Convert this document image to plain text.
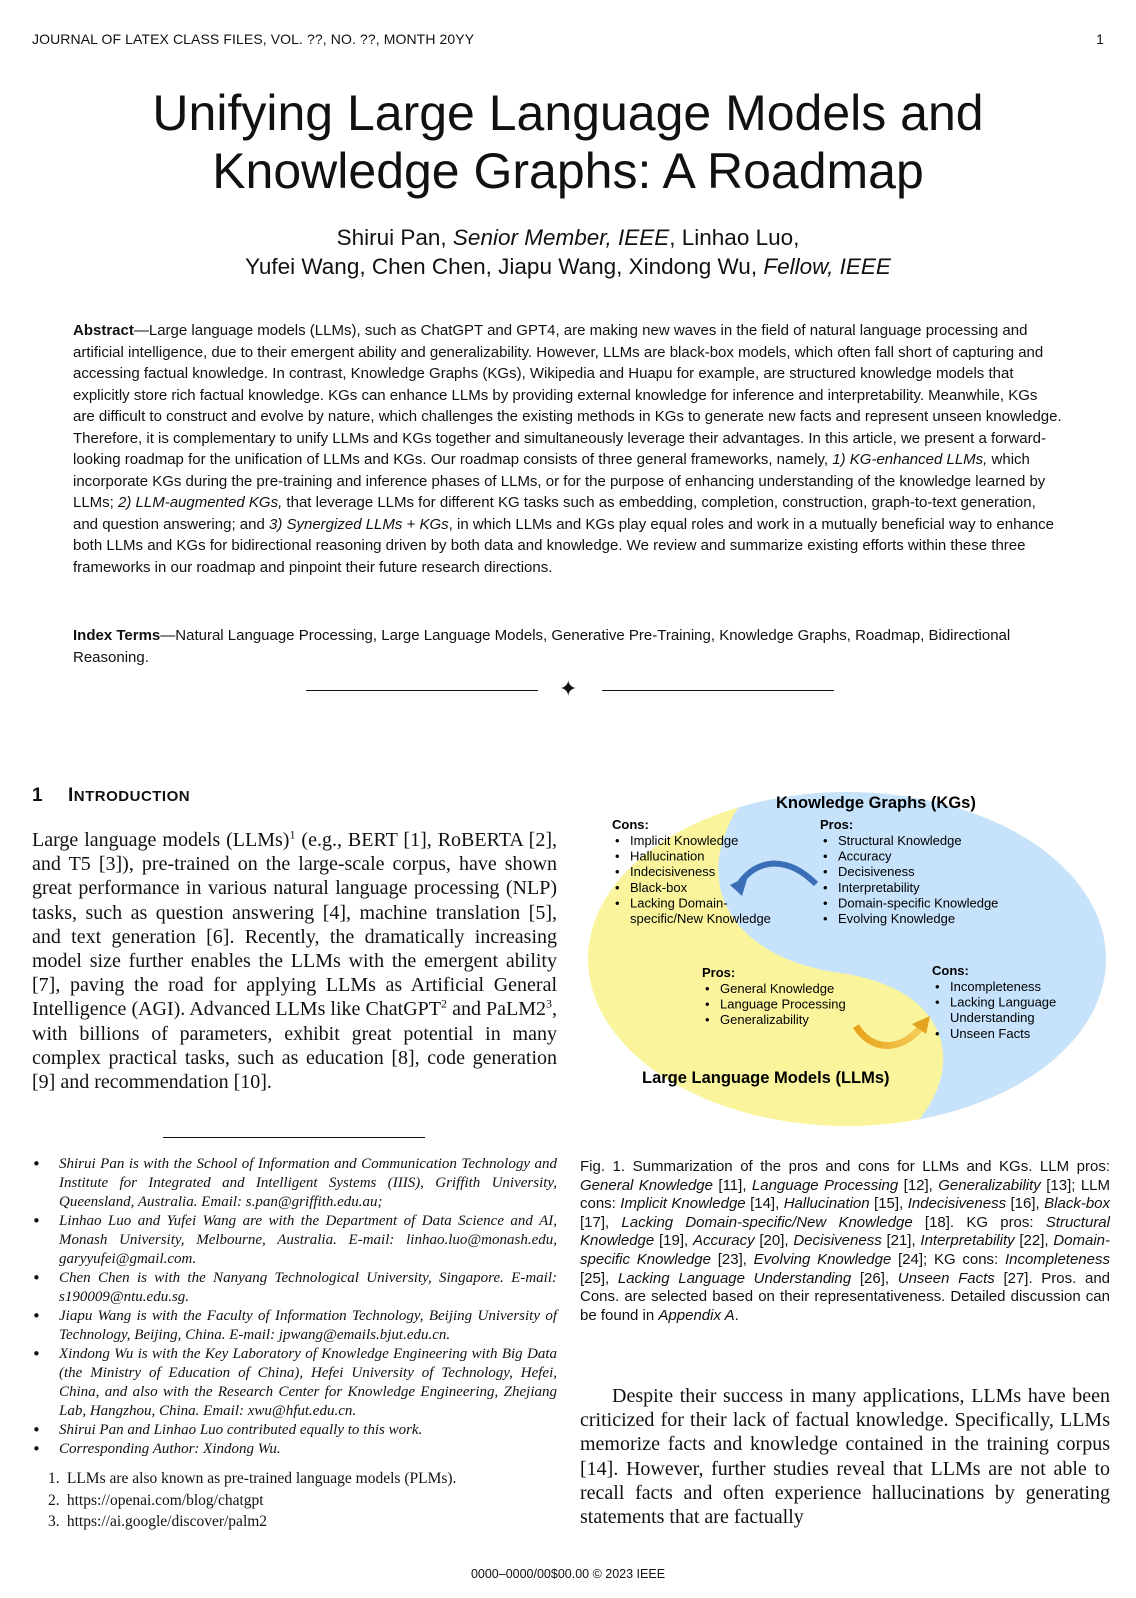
JOURNAL OF LATEX CLASS FILES, VOL. ??, NO. ??, MONTH 20YY	1
Unifying Large Language Models and
Knowledge Graphs: A Roadmap
Shirui Pan, Senior Member, IEEE, Linhao Luo,
Yufei Wang, Chen Chen, Jiapu Wang, Xindong Wu, Fellow, IEEE
Abstract—Large language models (LLMs), such as ChatGPT and GPT4, are making new waves in the field of natural language processing and artificial intelligence, due to their emergent ability and generalizability. However, LLMs are black-box models, which often fall short of capturing and accessing factual knowledge. In contrast, Knowledge Graphs (KGs), Wikipedia and Huapu for example, are structured knowledge models that explicitly store rich factual knowledge. KGs can enhance LLMs by providing external knowledge for inference and interpretability. Meanwhile, KGs are difficult to construct and evolve by nature, which challenges the existing methods in KGs to generate new facts and represent unseen knowledge. Therefore, it is complementary to unify LLMs and KGs together and simultaneously leverage their advantages. In this article, we present a forward-looking roadmap for the unification of LLMs and KGs. Our roadmap consists of three general frameworks, namely, 1) KG-enhanced LLMs, which incorporate KGs during the pre-training and inference phases of LLMs, or for the purpose of enhancing understanding of the knowledge learned by LLMs; 2) LLM-augmented KGs, that leverage LLMs for different KG tasks such as embedding, completion, construction, graph-to-text generation, and question answering; and 3) Synergized LLMs + KGs, in which LLMs and KGs play equal roles and work in a mutually beneficial way to enhance both LLMs and KGs for bidirectional reasoning driven by both data and knowledge. We review and summarize existing efforts within these three frameworks in our roadmap and pinpoint their future research directions.
Index Terms—Natural Language Processing, Large Language Models, Generative Pre-Training, Knowledge Graphs, Roadmap, Bidirectional Reasoning.
✦
1 INTRODUCTION

Large language models (LLMs)$^1$ (e.g., BERT [1], RoBERTA [2], and T5 [3]), pre-trained on the large-scale corpus, have shown great performance in various natural language processing (NLP) tasks, such as question answering [4], machine translation [5], and text generation [6]. Recently, the dramatically increasing model size further enables the LLMs with the emergent ability [7], paving the road for applying LLMs as Artificial General Intelligence (AGI). Advanced LLMs like ChatGPT$^2$ and $PaLM2^3$, with billions of parameters, exhibit great potential in many complex practical tasks, such as education [8], code generation [9] and recommendation [10].

• Shirui Pan is with the School of Information and Communication Technology and Institute for Integrated and Intelligent Systems (IIIS), Griffith University, Queensland, Australia. Email: s.pan@griffith.edu.au;
• Linhao Luo and Yufei Wang are with the Department of Data Science and AI, Monash University, Melbourne, Australia. E-mail: linhao.luo@monash.edu, garyyufei@gmail.com.
• Chen Chen is with the Nanyang Technological University, Singapore. E-mail: s190009@ntu.edu.sg.
• Jiapu Wang is with the Faculty of Information Technology, Beijing University of Technology, Beijing, China. E-mail: jpwang@emails.bjut.edu.cn.
• Xindong Wu is with the Key Laboratory of Knowledge Engineering with Big Data (the Ministry of Education of China), Hefei University of Technology, Hefei, China, and also with the Research Center for Knowledge Engineering, Zhejiang Lab, Hangzhou, China. Email: xwu@hfut.edu.cn.
• Shirui Pan and Linhao Luo contributed equally to this work.
• Corresponding Author: Xindong Wu.
1. LLMs are also known as pre-trained language models (PLMs).
2. https://openai.com/blog/chatgpt
3. https://ai.google/discover/palm2
Knowledge Graphs (KGs)
Large Language Models (LLMs)
Cons:
• Implicit Knowledge
• Hallucination
• Indecisiveness
• Black-box
• Lacking Domain-
specific/New Knowledge
Pros:
• Structural Knowledge
• Accuracy
• Decisiveness
• Interpretability
• Domain-specific Knowledge
• Evolving Knowledge
Pros:
• General Knowledge
• Language Processing
• Generalizability
Cons:
• Incompleteness
• Lacking Language
Understanding
• Unseen Facts

Fig. 1. Summarization of the pros and cons for LLMs and KGs. LLM pros: General Knowledge [11], Language Processing [12], Generalizability [13]; LLM cons: Implicit Knowledge [14], Hallucination [15], Indecisiveness [16], Black-box [17], Lacking Domain-specific/New Knowledge [18]. KG pros: Structural Knowledge [19], Accuracy [20], Decisiveness [21], Interpretability [22], Domain-specific Knowledge [23], Evolving Knowledge [24]; KG cons: Incompleteness [25], Lacking Language Understanding [26], Unseen Facts [27]. Pros. and Cons. are selected based on their representativeness. Detailed discussion can be found in Appendix A.

Despite their success in many applications, LLMs have been criticized for their lack of factual knowledge. Specifically, LLMs memorize facts and knowledge contained in the training corpus [14]. However, further studies reveal that LLMs are not able to recall facts and often experience hallucinations by generating statements that are factually

0000–0000/00$00.00 © 2023 IEEE
